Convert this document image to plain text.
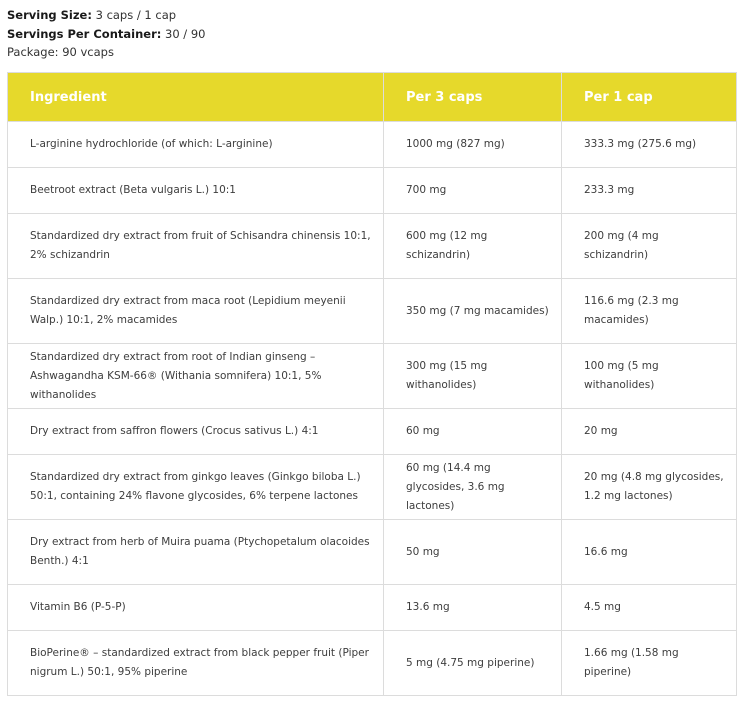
Serving Size: 3 caps / 1 cap
Servings Per Container: 30 / 90
Package: 90 vcaps
Ingredient	Per 3 caps	Per 1 cap
L-arginine hydrochloride (of which: L-arginine)	1000 mg (827 mg)	333.3 mg (275.6 mg)
Beetroot extract (Beta vulgaris L.) 10:1	700 mg	233.3 mg
Standardized dry extract from fruit of Schisandra chinensis 10:1, 2% schizandrin	600 mg (12 mg schizandrin)	200 mg (4 mg schizandrin)
Standardized dry extract from maca root (Lepidium meyenii Walp.) 10:1, 2% macamides	350 mg (7 mg macamides)	116.6 mg (2.3 mg macamides)
Standardized dry extract from root of Indian ginseng – Ashwagandha KSM-66® (Withania somnifera) 10:1, 5% withanolides	300 mg (15 mg withanolides)	100 mg (5 mg withanolides)
Dry extract from saffron flowers (Crocus sativus L.) 4:1	60 mg	20 mg
Standardized dry extract from ginkgo leaves (Ginkgo biloba L.) 50:1, containing 24% flavone glycosides, 6% terpene lactones	60 mg (14.4 mg glycosides, 3.6 mg lactones)	20 mg (4.8 mg glycosides, 1.2 mg lactones)
Dry extract from herb of Muira puama (Ptychopetalum olacoides Benth.) 4:1	50 mg	16.6 mg
Vitamin B6 (P-5-P)	13.6 mg	4.5 mg
BioPerine® – standardized extract from black pepper fruit (Piper nigrum L.) 50:1, 95% piperine	5 mg (4.75 mg piperine)	1.66 mg (1.58 mg piperine)
